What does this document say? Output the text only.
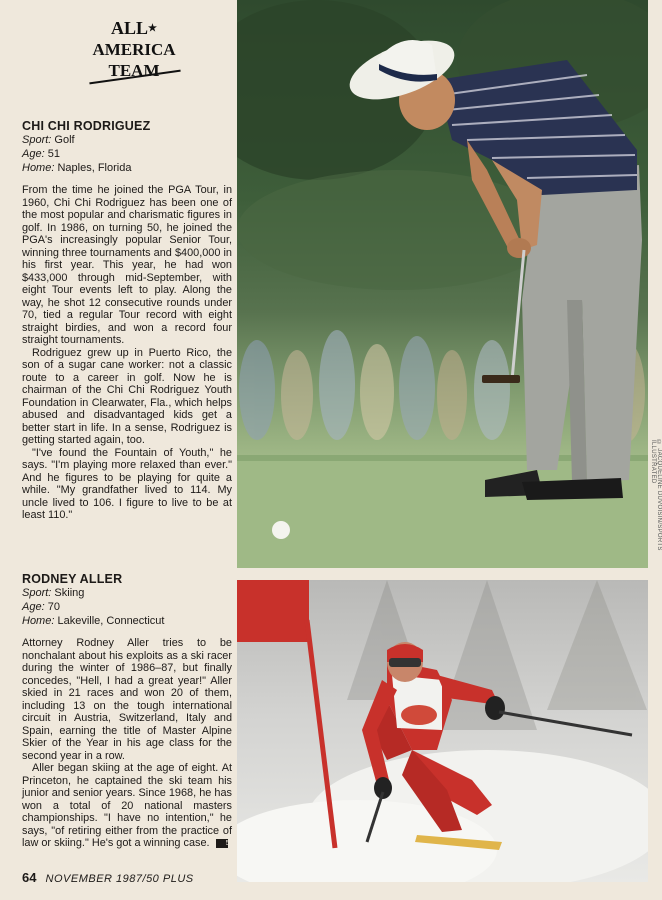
ALL★
AMERICA
TEAM
CHI CHI RODRIGUEZ

Sport: Golf

Age: 51

Home: Naples, Florida

From the time he joined the PGA Tour, in 1960, Chi Chi Rodriguez has been one of the most popular and charismatic figures in golf. In 1986, on turning 50, he joined the PGA's increasingly popular Senior Tour, winning three tournaments and $400,000 in his first year. This year, he had won $433,000 through mid-September, with eight Tour events left to play. Along the way, he shot 12 consecutive rounds under 70, tied a regular Tour record with eight straight birdies, and won a record four straight tournaments.

Rodriguez grew up in Puerto Rico, the son of a sugar cane worker: not a classic route to a career in golf. Now he is chairman of the Chi Chi Rodriguez Youth Foundation in Clearwater, Fla., which helps abused and disadvantaged kids get a better start in life. In a sense, Rodriguez is getting started again, too.

"I've found the Fountain of Youth," he says. "I'm playing more relaxed than ever." And he figures to be playing for quite a while. "My grandfather lived to 114. My uncle lived to 106. I figure to live to be at least 110."

RODNEY ALLER

Sport: Skiing

Age: 70

Home: Lakeville, Connecticut

Attorney Rodney Aller tries to be nonchalant about his exploits as a ski racer during the winter of 1986–87, but finally concedes, "Hell, I had a great year!" Aller skied in 21 races and won 20 of them, including 13 on the tough international circuit in Austria, Switzerland, Italy and Spain, earning the title of Master Alpine Skier of the Year in his age class for the second year in a row.

Aller began skiing at the age of eight. At Princeton, he captained the ski team his junior and senior years. Since 1968, he has won a total of 20 national masters championships. "I have no intention," he says, "of retiring either from the practice of law or skiing." He's got a winning case. 50

64 NOVEMBER 1987/50 PLUS
© JACQUELINE DUVOISIN/SPORTS ILLUSTRATED
